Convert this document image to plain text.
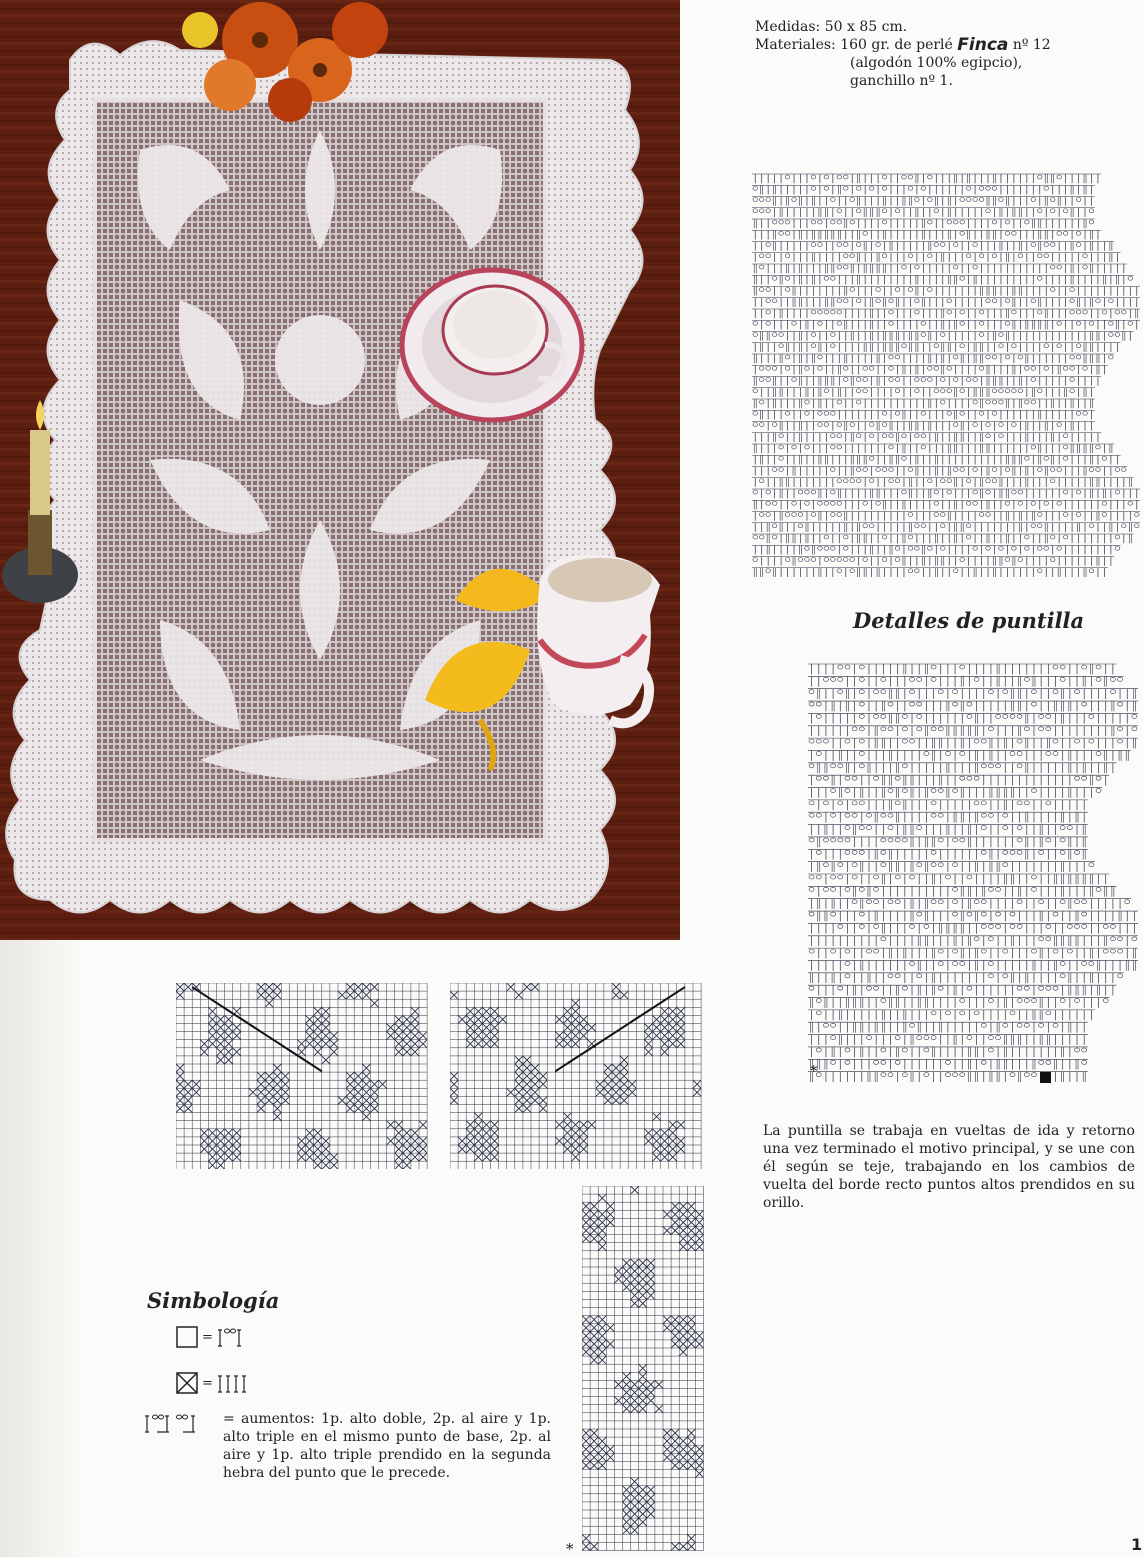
Medidas:
50 x 85 cm.
Materiales:
160 gr. de perlé
Finca
nº 12
(algodón 100% egipcio),
ganchillo nº 1.
Detalles de puntilla
*
La puntilla se trabaja en vueltas de ida y retorno una vez terminado el motivo principal, y se une con él según se teje, trabajando en los cambios de vuelta del borde recto puntos altos prendidos en su orillo.
*
Simbología
=
=
= aumentos: 1p. alto doble, 2p. al aire y 1p. alto triple en el mismo punto de base, 2p. al aire y 1p. alto triple prendido en la segunda hebra del punto que le precede.
1
